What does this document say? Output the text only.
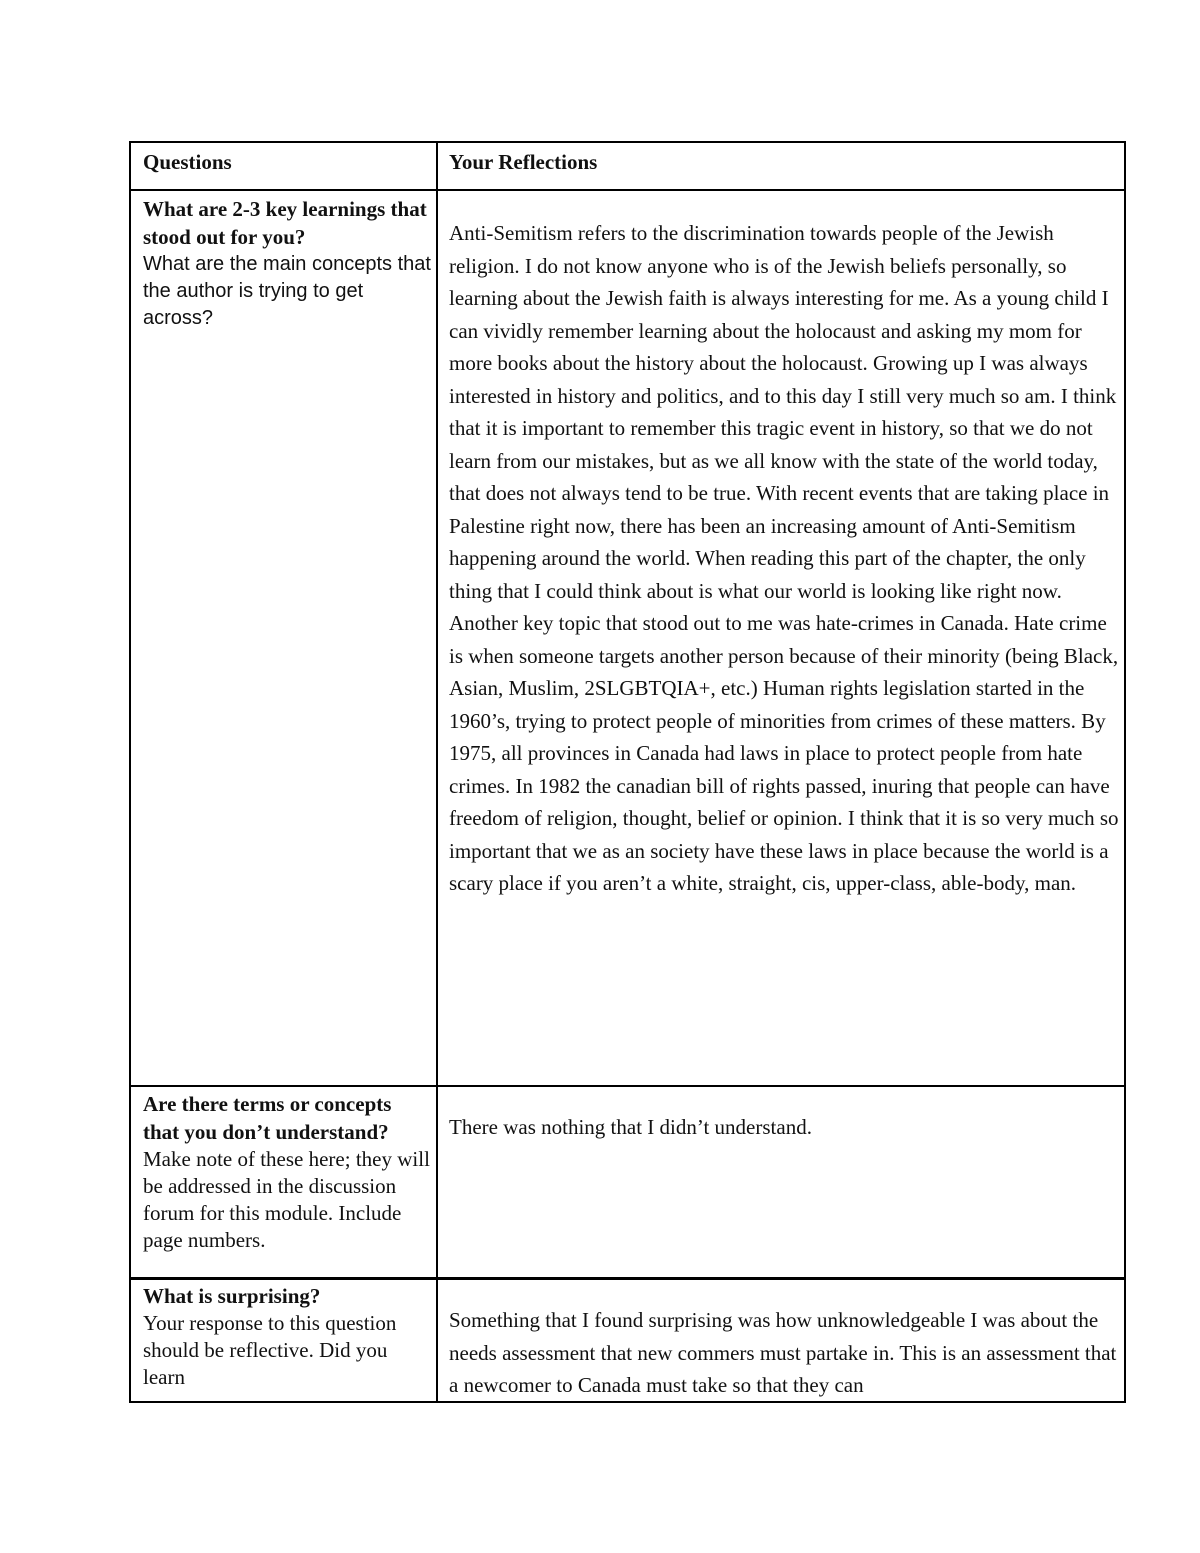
Questions	Your Reflections
What are 2-3 key learnings that stood out for you?
What are the main concepts that the author is trying to get across?
Anti-Semitism refers to the discrimination towards people of the Jewish religion. I do not know anyone who is of the Jewish beliefs personally, so learning about the Jewish faith is always interesting for me. As a young child I can vividly remember learning about the holocaust and asking my mom for more books about the history about the holocaust. Growing up I was always interested in history and politics, and to this day I still very much so am. I think that it is important to remember this tragic event in history, so that we do not learn from our mistakes, but as we all know with the state of the world today, that does not always tend to be true. With recent events that are taking place in Palestine right now, there has been an increasing amount of Anti-Semitism happening around the world. When reading this part of the chapter, the only thing that I could think about is what our world is looking like right now. Another key topic that stood out to me was hate-crimes in Canada. Hate crime is when someone targets another person because of their minority (being Black, Asian, Muslim, 2SLGBTQIA+, etc.) Human rights legislation started in the 1960’s, trying to protect people of minorities from crimes of these matters. By 1975, all provinces in Canada had laws in place to protect people from hate crimes. In 1982 the canadian bill of rights passed, inuring that people can have freedom of religion, thought, belief or opinion. I think that it is so very much so important that we as an society have these laws in place because the world is a scary place if you aren’t a white, straight, cis, upper-class, able-body, man.
Are there terms or concepts that you don’t understand?
Make note of these here; they will be addressed in the discussion forum for this module. Include page numbers.
There was nothing that I didn’t understand.
What is surprising?
Your response to this question should be reflective. Did you learn
Something that I found surprising was how unknowledgeable I was about the needs assessment that new commers must partake in. This is an assessment that a newcomer to Canada must take so that they can
